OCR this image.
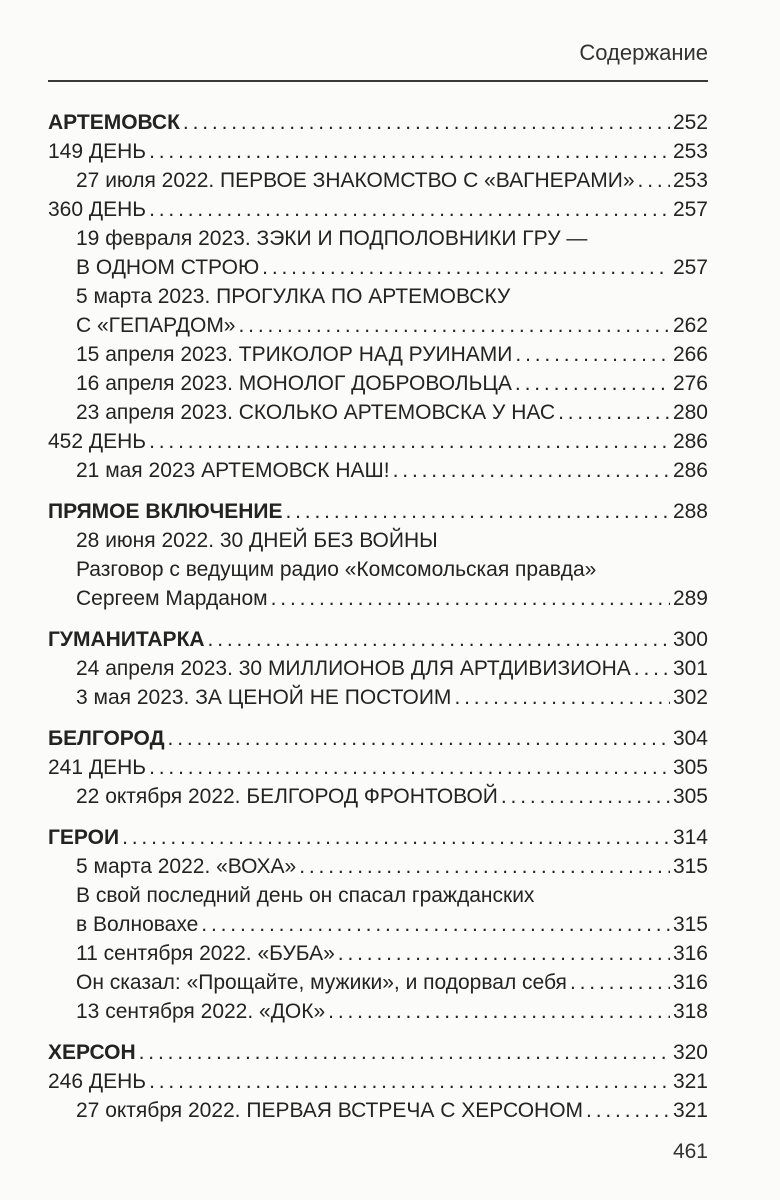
Содержание
АРТЕМОВСК . . .	252
149 ДЕНЬ . . .	253
27 июля 2022. ПЕРВОЕ ЗНАКОМСТВО С «ВАГНЕРАМИ» . . . 253
360 ДЕНЬ . . .	257
19 февраля 2023. ЗЭКИ И ПОДПОЛОВНИКИ ГРУ —
В ОДНОМ СТРОЮ . . .	257
5 марта 2023. ПРОГУЛКА ПО АРТЕМОВСКУ
С «ГЕПАРДОМ» . . .	262
15 апреля 2023. ТРИКОЛОР НАД РУИНАМИ . . .	266
16 апреля 2023. МОНОЛОГ ДОБРОВОЛЬЦА . . .	276
23 апреля 2023. СКОЛЬКО АРТЕМОВСКА У НАС . . .	280
452 ДЕНЬ . . .	286
21 мая 2023 АРТЕМОВСК НАШ! . . .	286
ПРЯМОЕ ВКЛЮЧЕНИЕ . . .	288
28 июня 2022. 30 ДНЕЙ БЕЗ ВОЙНЫ
Разговор с ведущим радио «Комсомольская правда»
Сергеем Марданом . . .	289
ГУМАНИТАРКА . . .	300
24 апреля 2023. 30 МИЛЛИОНОВ ДЛЯ АРТДИВИЗИОНА . . . 301
3 мая 2023. ЗА ЦЕНОЙ НЕ ПОСТОИМ . . .	302
БЕЛГОРОД . . .	304
241 ДЕНЬ . . .	305
22 октября 2022. БЕЛГОРОД ФРОНТОВОЙ . . .	305
ГЕРОИ . . .	314
5 марта 2022. «ВОХА» . . .	315
В свой последний день он спасал гражданских
в Волновахе . . .	315
11 сентября 2022. «БУБА» . . .	316
Он сказал: «Прощайте, мужики», и подорвал себя . . .	316
13 сентября 2022. «ДОК» . . .	318
ХЕРСОН . . .	320
246 ДЕНЬ . . .	321
27 октября 2022. ПЕРВАЯ ВСТРЕЧА С ХЕРСОНОМ . . .	321
461
